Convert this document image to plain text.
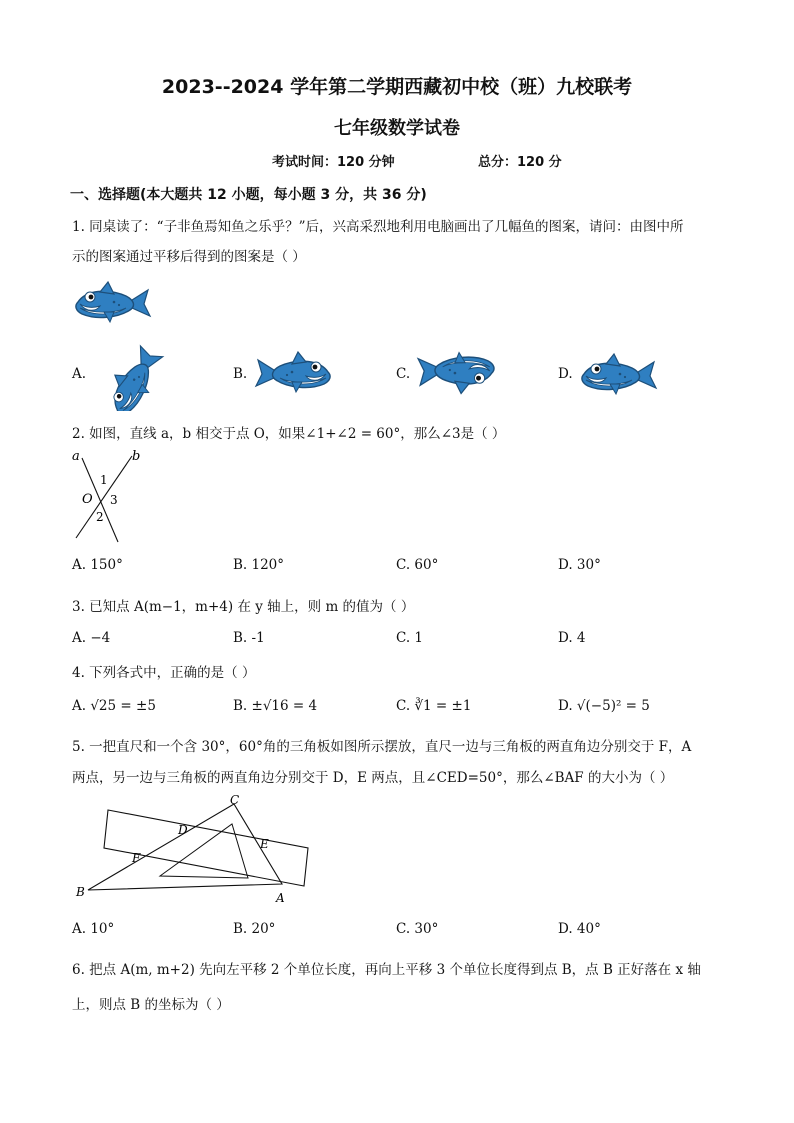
2023--2024 学年第二学期西藏初中校（班）九校联考
七年级数学试卷
考试时间：120 分钟	总分：120 分
一、选择题(本大题共 12 小题，每小题 3 分，共 36 分)
1. 同桌读了：“子非鱼焉知鱼之乐乎？”后，兴高采烈地利用电脑画出了几幅鱼的图案，请问：由图中所
示的图案通过平移后得到的图案是（ ）
A.	B.	C.	D.
2. 如图，直线 a，b 相交于点 O，如果∠1+∠2 = 60°，那么∠3是（ ）
a	b
O
1
2
3
A. 150°	B. 120°	C. 60°	D. 30°
3. 已知点 A(m−1，m+4) 在 y 轴上，则 m 的值为（ ）
A. −4	B. -1	C. 1	D. 4
4. 下列各式中，正确的是（ ）
A. √25 = ±5	B. ±√16 = 4	C. ∛1 = ±1	D. √(−5)² = 5
5. 一把直尺和一个含 30°，60°角的三角板如图所示摆放，直尺一边与三角板的两直角边分别交于 F，A
两点，另一边与三角板的两直角边分别交于 D，E 两点，且∠CED=50°，那么∠BAF 的大小为（ ）
B
C
D
E
F
A
A. 10°	B. 20°	C. 30°	D. 40°
6. 把点 A(m, m+2) 先向左平移 2 个单位长度，再向上平移 3 个单位长度得到点 B，点 B 正好落在 x 轴
上，则点 B 的坐标为（ ）
